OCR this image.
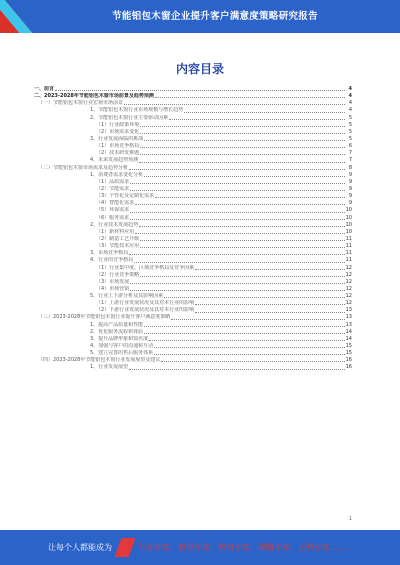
节能铝包木窗企业提升客户满意度策略研究报告
内容目录
一、前言	4
二、2023-2028年节能铝包木窗市场前景及趋势预测	4
（一）节能铝包木窗行业宏观市场前景	4
1、节能铝包木窗行业市场规模与增长趋势	4
2、节能铝包木窗行业主要驱动因素	5
（1）行业政策环境	5
（2）市场需求变化	5
3、行业发展面临的挑战	5
（1）市场竞争格局	6
（2）技术研发难题	7
4、未来发展趋势预测	7
（二）节能铝包木窗市场需求及趋势分析	8
1、消费者需求变化分析	9
（1）品质需求	9
（2）节能需求	9
（3）个性化及定制化需求	9
（4）智能化需求	9
（5）环保需求	10
（6）服务需求	10
2、行业技术发展趋势	10
（1）新材料应用	10
（2）制造工艺升级	11
（3）节能技术应用	11
3、市场竞争格局	11
4、行业的竞争格局	11
（1）行业集中度、区域竞争格局及竞争因素	12
（2）行业竞争策略	12
（3）市场发展	12
（4）市场营销	12
5、行业上下游分析及其影响因素	12
（1）上游行业发展状况及其对本行业的影响	12
（2）下游行业发展状况及其对本行业的影响	13
（三）2023-2028年节能铝包木窗行业提升客户满意度策略	13
1、提高产品质量和性能	13
2、优化服务流程和体验	14
3、提升品牌形象和知名度	14
4、加强与客户的沟通和互动	15
5、建立完善的售后服务体系	15
（四）2023-2028年节能铝包木窗行业发展展望及建议	16
1、行业发展展望	16
1
让每个人都能成为	行业专家、管理专家、营销专家、战略专家、运营专家……
